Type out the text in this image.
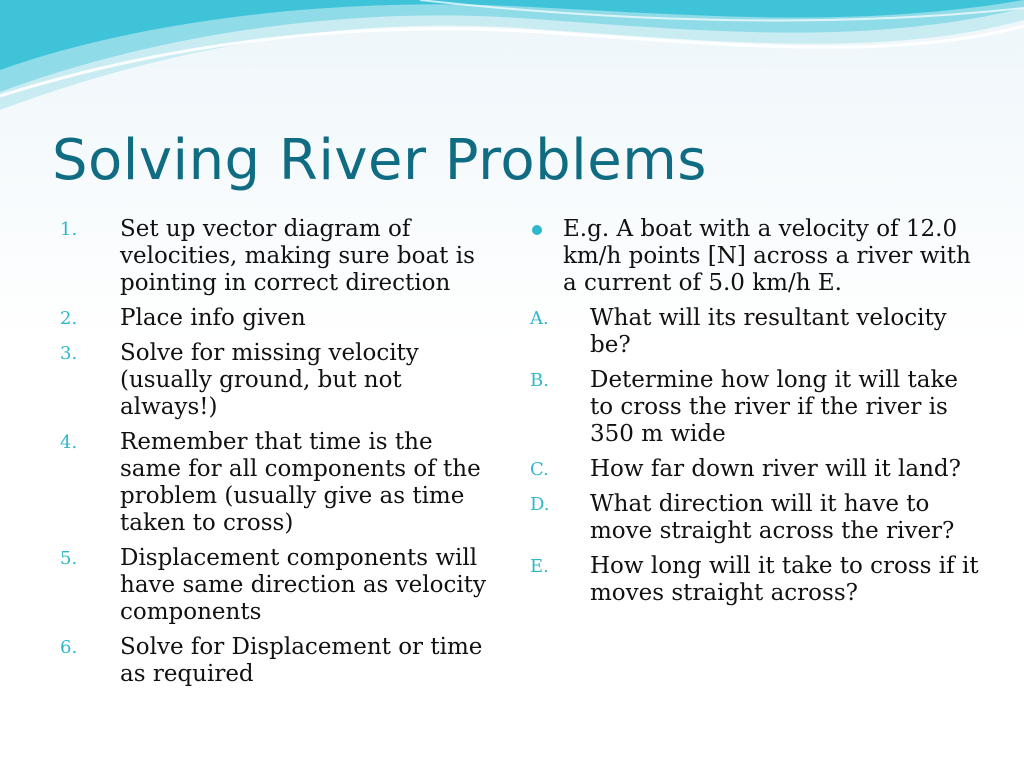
Solving River Problems
1.	Set up vector diagram of velocities, making sure boat is pointing in correct direction
2.	Place info given
3.	Solve for missing velocity (usually ground, but not always!)
4.	Remember that time is the same for all components of the problem (usually give as time taken to cross)
5.	Displacement components will have same direction as velocity components
6.	Solve for Displacement or time as required
E.g. A boat with a velocity of 12.0 km/h points [N] across a river with a current of 5.0 km/h E.
A.	What will its resultant velocity be?
B.	Determine how long it will take to cross the river if the river is 350 m wide
C.	How far down river will it land?
D.	What direction will it have to move straight across the river?
E.	How long will it take to cross if it moves straight across?
